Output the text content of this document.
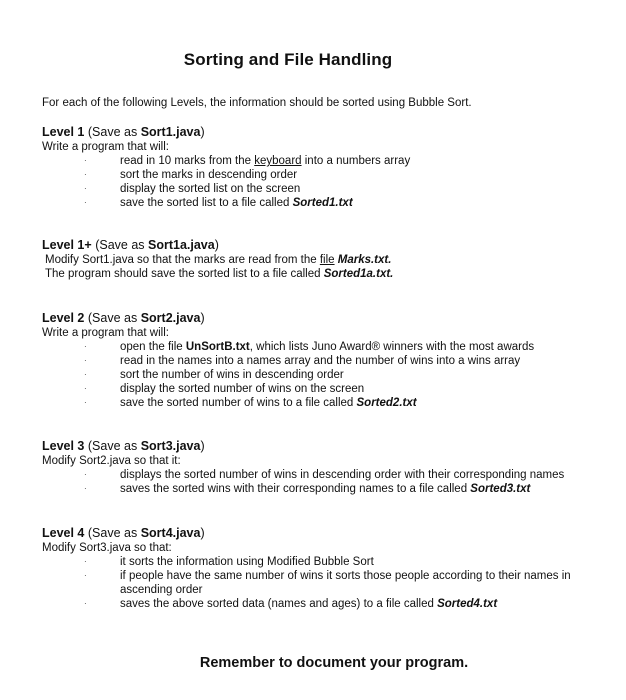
Sorting and File Handling
For each of the following Levels, the information should be sorted using Bubble Sort.
Level 1 (Save as Sort1.java)
Write a program that will:
·	read in 10 marks from the keyboard into a numbers array
·	sort the marks in descending order
·	display the sorted list on the screen
·	save the sorted list to a file called Sorted1.txt
Level 1+ (Save as Sort1a.java)
Modify Sort1.java so that the marks are read from the file Marks.txt.
The program should save the sorted list to a file called Sorted1a.txt.
Level 2 (Save as Sort2.java)
Write a program that will:
·	open the file UnSortB.txt, which lists Juno Award® winners with the most awards
·	read in the names into a names array and the number of wins into a wins array
·	sort the number of wins in descending order
·	display the sorted number of wins on the screen
·	save the sorted number of wins to a file called Sorted2.txt
Level 3 (Save as Sort3.java)
Modify Sort2.java so that it:
·	displays the sorted number of wins in descending order with their corresponding names
·	saves the sorted wins with their corresponding names to a file called Sorted3.txt
Level 4 (Save as Sort4.java)
Modify Sort3.java so that:
·	it sorts the information using Modified Bubble Sort
·	if people have the same number of wins it sorts those people according to their names in ascending order
·	saves the above sorted data (names and ages) to a file called Sorted4.txt
Remember to document your program.
